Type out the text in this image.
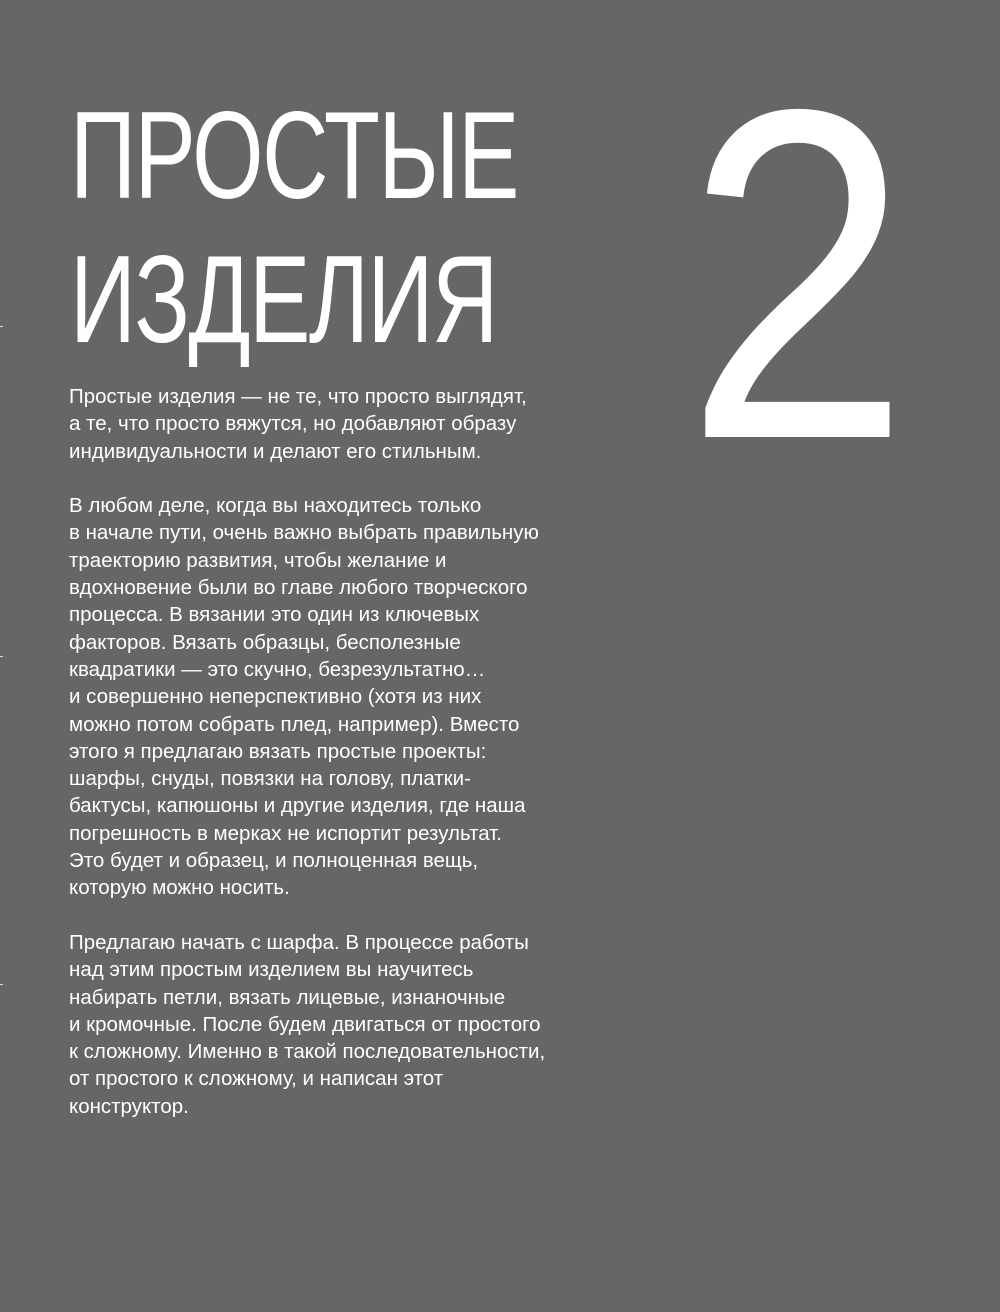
ПРОСТЫЕ
ИЗДЕЛИЯ 2

Простые изделия — не те, что просто выглядят,
а те, что просто вяжутся, но добавляют образу
индивидуальности и делают его стильным.

В любом деле, когда вы находитесь только
в начале пути, очень важно выбрать правильную
траекторию развития, чтобы желание и
вдохновение были во главе любого творческого
процесса. В вязании это один из ключевых
факторов. Вязать образцы, бесполезные
квадратики — это скучно, безрезультатно…
и совершенно неперспективно (хотя из них
можно потом собрать плед, например). Вместо
этого я предлагаю вязать простые проекты:
шарфы, снуды, повязки на голову, платки-
бактусы, капюшоны и другие изделия, где наша
погрешность в мерках не испортит результат.
Это будет и образец, и полноценная вещь,
которую можно носить.

Предлагаю начать с шарфа. В процессе работы
над этим простым изделием вы научитесь
набирать петли, вязать лицевые, изнаночные
и кромочные. После будем двигаться от простого
к сложному. Именно в такой последовательности,
от простого к сложному, и написан этот
конструктор.
